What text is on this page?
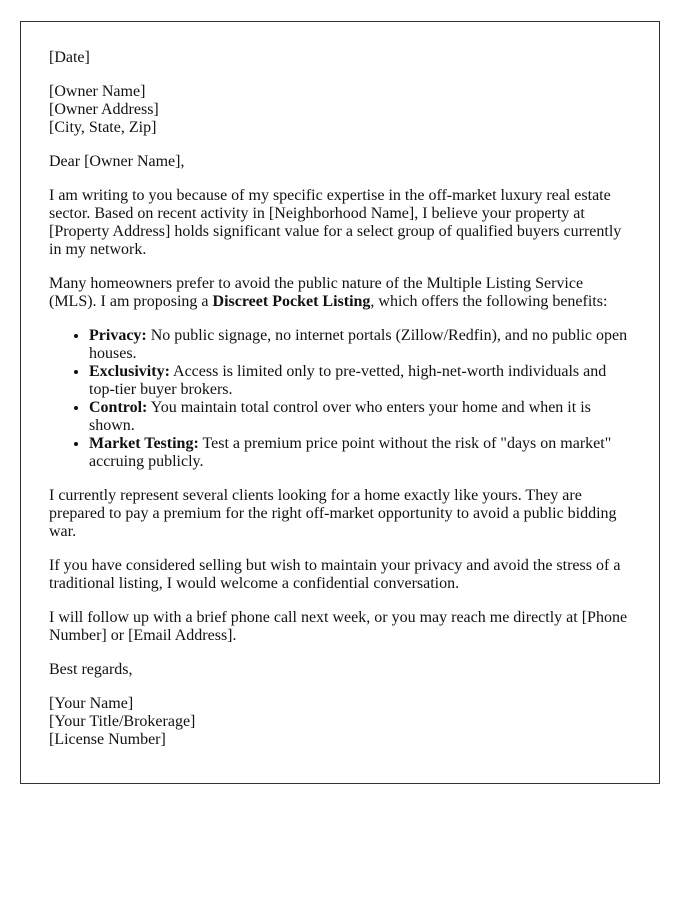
[Date]

[Owner Name]
[Owner Address]
[City, State, Zip]

Dear [Owner Name],

I am writing to you because of my specific expertise in the off-market luxury real estate sector. Based on recent activity in [Neighborhood Name], I believe your property at [Property Address] holds significant value for a select group of qualified buyers currently in my network.

Many homeowners prefer to avoid the public nature of the Multiple Listing Service (MLS). I am proposing a Discreet Pocket Listing, which offers the following benefits:

• Privacy: No public signage, no internet portals (Zillow/Redfin), and no public open houses.
• Exclusivity: Access is limited only to pre-vetted, high-net-worth individuals and top-tier buyer brokers.
• Control: You maintain total control over who enters your home and when it is shown.
• Market Testing: Test a premium price point without the risk of "days on market" accruing publicly.

I currently represent several clients looking for a home exactly like yours. They are prepared to pay a premium for the right off-market opportunity to avoid a public bidding war.

If you have considered selling but wish to maintain your privacy and avoid the stress of a traditional listing, I would welcome a confidential conversation.

I will follow up with a brief phone call next week, or you may reach me directly at [Phone Number] or [Email Address].

Best regards,

[Your Name]
[Your Title/Brokerage]
[License Number]
